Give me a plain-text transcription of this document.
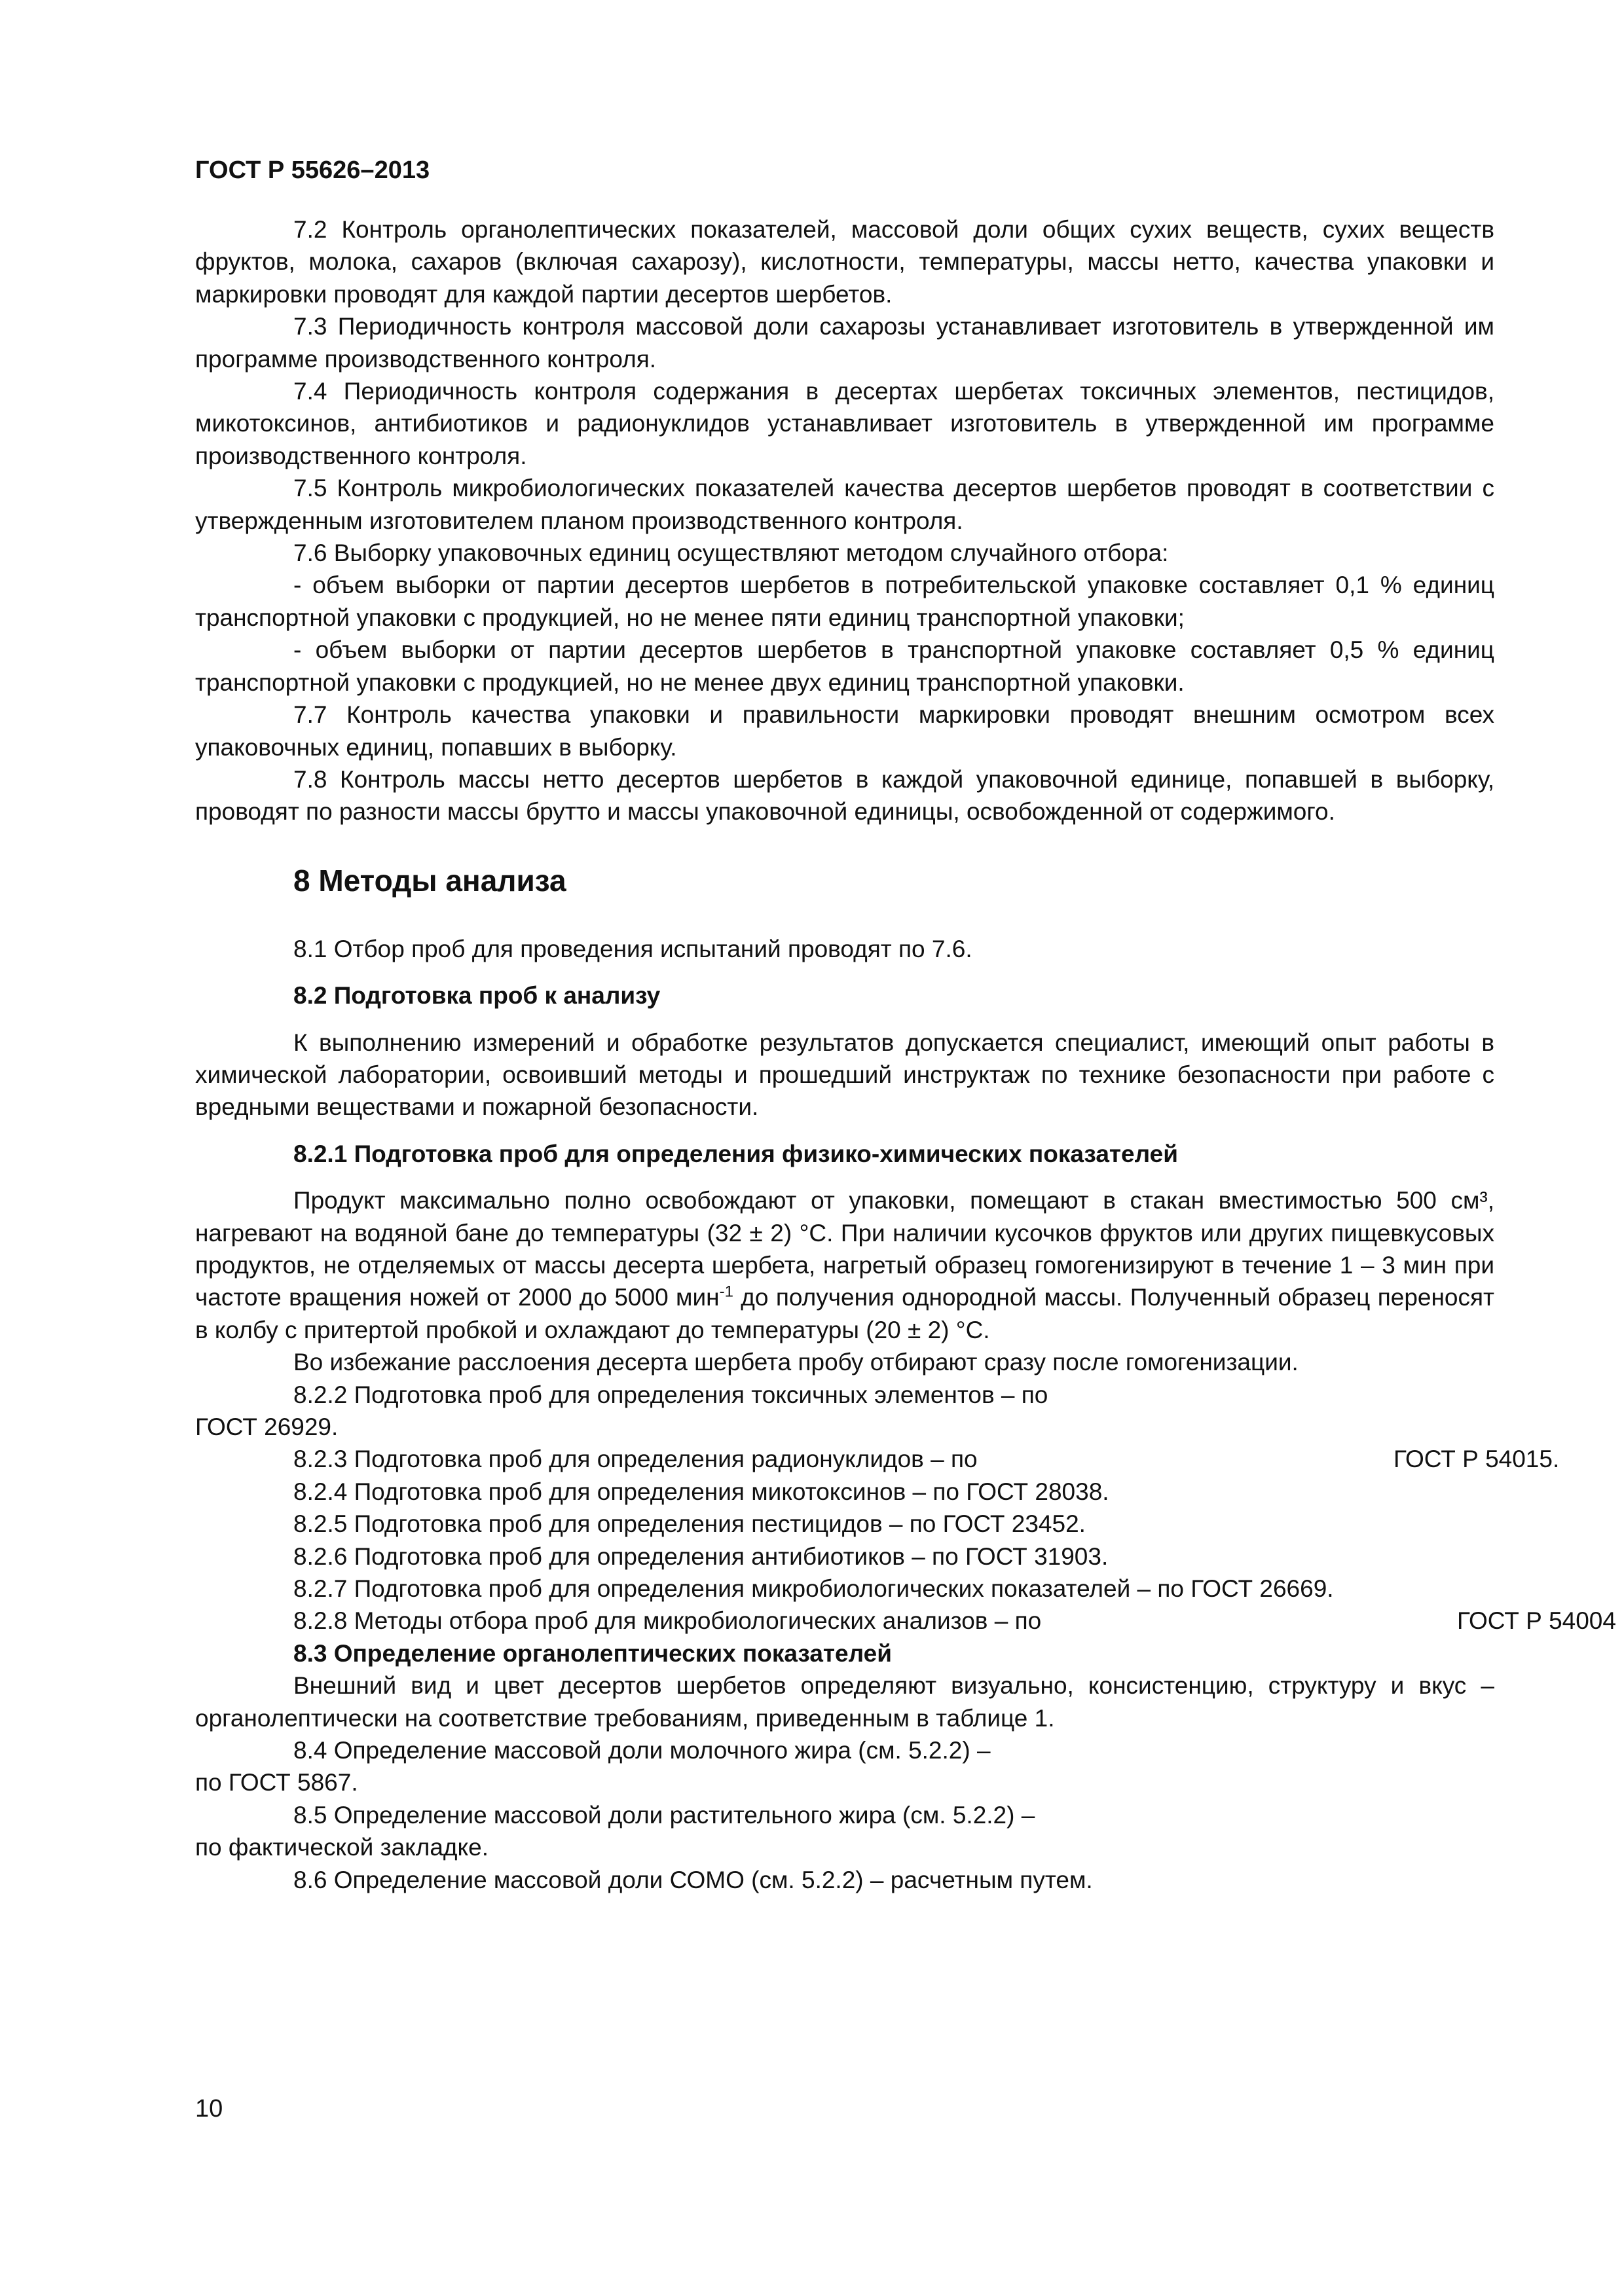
ГОСТ Р 55626–2013

7.2 Контроль органолептических показателей, массовой доли общих сухих веществ, сухих веществ фруктов, молока, сахаров (включая сахарозу), кислотности, температуры, массы нетто, качества упаковки и маркировки проводят для каждой партии десертов шербетов.

7.3 Периодичность контроля массовой доли сахарозы устанавливает изготовитель в утвержденной им программе производственного контроля.

7.4 Периодичность контроля содержания в десертах шербетах токсичных элементов, пестицидов, микотоксинов, антибиотиков и радионуклидов устанавливает изготовитель в утвержденной им программе производственного контроля.

7.5 Контроль микробиологических показателей качества десертов шербетов проводят в соответствии с утвержденным изготовителем планом производственного контроля.

7.6 Выборку упаковочных единиц осуществляют методом случайного отбора:

- объем выборки от партии десертов шербетов в потребительской упаковке составляет 0,1 % единиц транспортной упаковки с продукцией, но не менее пяти единиц транспортной упаковки;

- объем выборки от партии десертов шербетов в транспортной упаковке составляет 0,5 % единиц транспортной упаковки с продукцией, но не менее двух единиц транспортной упаковки.

7.7 Контроль качества упаковки и правильности маркировки проводят внешним осмотром всех упаковочных единиц, попавших в выборку.

7.8 Контроль массы нетто десертов шербетов в каждой упаковочной единице, попавшей в выборку, проводят по разности массы брутто и массы упаковочной единицы, освобожденной от содержимого.

8 Методы анализа

8.1 Отбор проб для проведения испытаний проводят по 7.6.

8.2 Подготовка проб к анализу

К выполнению измерений и обработке результатов допускается специалист, имеющий опыт работы в химической лаборатории, освоивший методы и прошедший инструктаж по технике безопасности при работе с вредными веществами и пожарной безопасности.

8.2.1 Подготовка проб для определения физико-химических показателей

Продукт максимально полно освобождают от упаковки, помещают в стакан вместимостью 500 см³, нагревают на водяной бане до температуры (32 ± 2) °С. При наличии кусочков фруктов или других пищевкусовых продуктов, не отделяемых от массы десерта шербета, нагретый образец гомогенизируют в течение 1 – 3 мин при частоте вращения ножей от 2000 до 5000 мин$^{-1}$ до получения однородной массы. Полученный образец переносят в колбу с притертой пробкой и охлаждают до температуры (20 ± 2) °С.

Во избежание расслоения десерта шербета пробу отбирают сразу после гомогенизации.

8.2.2 Подготовка проб для определения токсичных элементов – по

ГОСТ 26929.

8.2.3 Подготовка проб для определения радионуклидов – по	ГОСТ Р 54015.

8.2.4 Подготовка проб для определения микотоксинов – по ГОСТ 28038.

8.2.5 Подготовка проб для определения пестицидов – по ГОСТ 23452.

8.2.6 Подготовка проб для определения антибиотиков – по ГОСТ 31903.

8.2.7 Подготовка проб для определения микробиологических показателей – по ГОСТ 26669.

8.2.8 Методы отбора проб для микробиологических анализов – по	ГОСТ Р 54004

8.3 Определение органолептических показателей

Внешний вид и цвет десертов шербетов определяют визуально, консистенцию, структуру и вкус – органолептически на соответствие требованиям, приведенным в таблице 1.

8.4 Определение массовой доли молочного жира (см. 5.2.2) –

по ГОСТ 5867.

8.5 Определение массовой доли растительного жира (см. 5.2.2) –

по фактической закладке.

8.6 Определение массовой доли СОМО (см. 5.2.2) – расчетным путем.

10
